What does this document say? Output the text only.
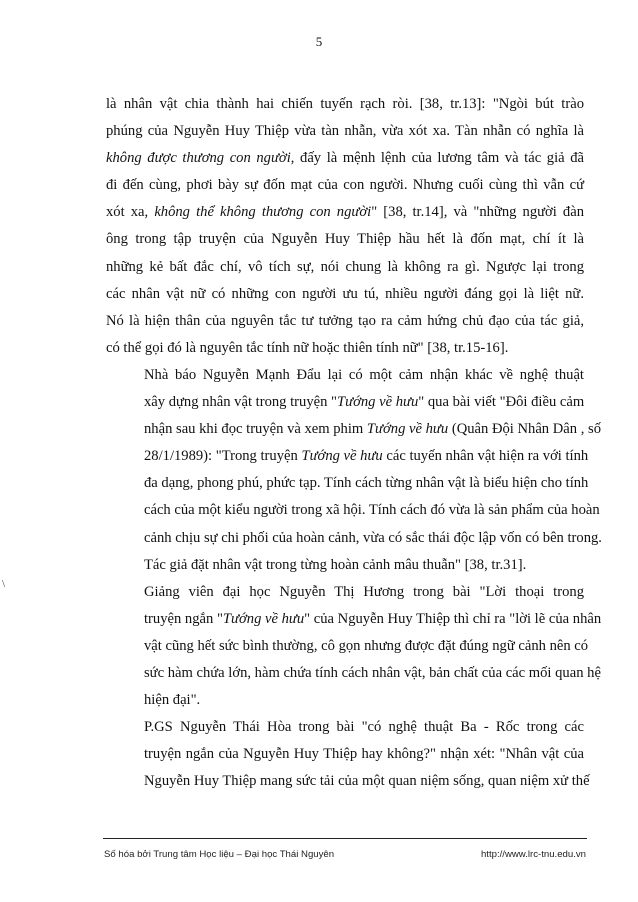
5
\

là nhân vật chia thành hai chiến tuyến rạch ròi. [38, tr.13]: "Ngòi bút trào
phúng của Nguyễn Huy Thiệp vừa tàn nhẫn, vừa xót xa. Tàn nhẫn có nghĩa là
không được thương con người, đấy là mệnh lệnh của lương tâm và tác giả đã
đi đến cùng, phơi bày sự đốn mạt của con người. Nhưng cuối cùng thì vẫn cứ
xót xa, không thể không thương con người" [38, tr.14], và "những người đàn
ông trong tập truyện của Nguyễn Huy Thiệp hầu hết là đốn mạt, chí ít là
những kẻ bất đắc chí, vô tích sự, nói chung là không ra gì. Ngược lại trong
các nhân vật nữ có những con người ưu tú, nhiều người đáng gọi là liệt nữ.
Nó là hiện thân của nguyên tắc tư tưởng tạo ra cảm hứng chủ đạo của tác giả,
có thể gọi đó là nguyên tắc tính nữ hoặc thiên tính nữ" [38, tr.15-16].

Nhà báo Nguyễn Mạnh Đẩu lại có một cảm nhận khác về nghệ thuật
xây dựng nhân vật trong truyện "Tướng về hưu" qua bài viết "Đôi điều cảm
nhận sau khi đọc truyện và xem phim Tướng về hưu (Quân Đội Nhân Dân , số
28/1/1989): "Trong truyện Tướng về hưu các tuyến nhân vật hiện ra với tính
đa dạng, phong phú, phức tạp. Tính cách từng nhân vật là biểu hiện cho tính
cách của một kiểu người trong xã hội. Tính cách đó vừa là sản phẩm của hoàn
cảnh chịu sự chi phối của hoàn cảnh, vừa có sắc thái độc lập vốn có bên trong.
Tác giả đặt nhân vật trong từng hoàn cảnh mâu thuẫn" [38, tr.31].

Giảng viên đại học Nguyễn Thị Hương trong bài "Lời thoại trong
truyện ngắn "Tướng về hưu" của Nguyễn Huy Thiệp thì chỉ ra "lời lẽ của nhân
vật cũng hết sức bình thường, cô gọn nhưng được đặt đúng ngữ cảnh nên có
sức hàm chứa lớn, hàm chứa tính cách nhân vật, bản chất của các mối quan hệ
hiện đại".

P.GS Nguyễn Thái Hòa trong bài "có nghệ thuật Ba - Rốc trong các
truyện ngắn của Nguyễn Huy Thiệp hay không?" nhận xét: "Nhân vật của
Nguyễn Huy Thiệp mang sức tải của một quan niệm sống, quan niệm xử thế

Số hóa bởi Trung tâm Học liệu – Đại học Thái Nguyên	http://www.lrc-tnu.edu.vn
